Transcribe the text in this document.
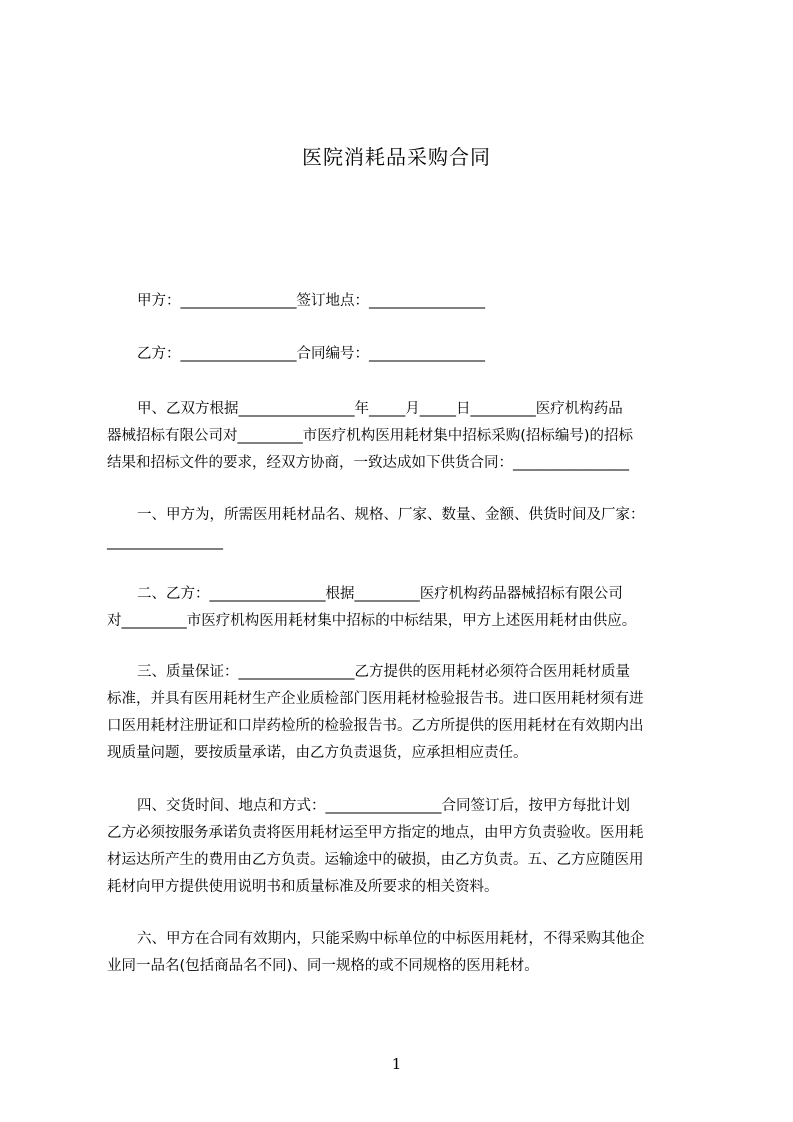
医院消耗品采购合同
甲方：________________签订地点：________________
乙方：________________合同编号：________________
甲、乙双方根据________________年_____月_____日_________医疗机构药品
器械招标有限公司对_________市医疗机构医用耗材集中招标采购(招标编号)的招标
结果和招标文件的要求，经双方协商，一致达成如下供货合同：________________
一、甲方为，所需医用耗材品名、规格、厂家、数量、金额、供货时间及厂家：
________________
二、乙方：________________根据_________医疗机构药品器械招标有限公司
对_________市医疗机构医用耗材集中招标的中标结果，甲方上述医用耗材由供应。
三、质量保证：________________乙方提供的医用耗材必须符合医用耗材质量
标准，并具有医用耗材生产企业质检部门医用耗材检验报告书。进口医用耗材须有进
口医用耗材注册证和口岸药检所的检验报告书。乙方所提供的医用耗材在有效期内出
现质量问题，要按质量承诺，由乙方负责退货，应承担相应责任。
四、交货时间、地点和方式：________________合同签订后，按甲方每批计划
乙方必须按服务承诺负责将医用耗材运至甲方指定的地点，由甲方负责验收。医用耗
材运达所产生的费用由乙方负责。运输途中的破损，由乙方负责。五、乙方应随医用
耗材向甲方提供使用说明书和质量标准及所要求的相关资料。
六、甲方在合同有效期内，只能采购中标单位的中标医用耗材，不得采购其他企
业同一品名(包括商品名不同)、同一规格的或不同规格的医用耗材。
1
